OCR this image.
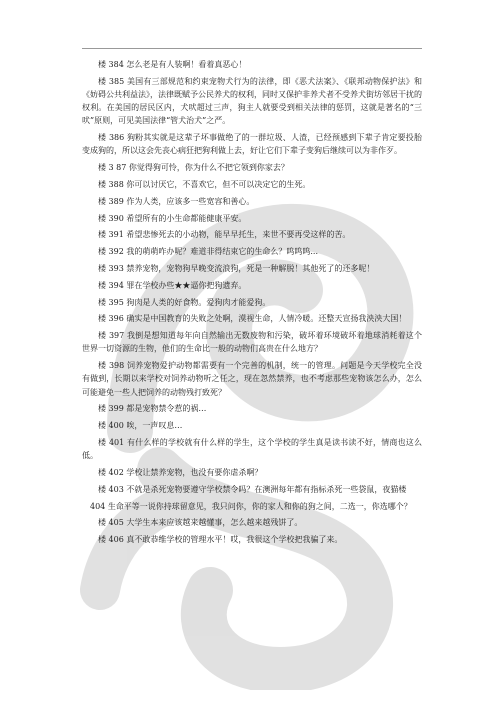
楼 384 怎么老是有人装啊！看着真恶心！

楼 385 美国有三部规范和约束宠物犬行为的法律，即《恶犬法案》、《联邦动物保护法》和《妨碍公共利益法》，法律既赋予公民养犬的权利，同时又保护非养犬者不受养犬街坊邻居干扰的权利。在美国的居民区内，犬吠超过三声，狗主人就要受到相关法律的惩罚，这就是著名的“三吠”原则，可见美国法律“管犬治犬”之严。

楼 386 狗粉其实就是这辈子坏事做绝了的一群垃圾、人渣，已经预感到下辈子肯定要投胎变成狗的，所以这会先丧心病狂把狗利做上去，好让它们下辈子变狗后继续可以为非作歹。

楼 3 87 你觉得狗可怜，你为什么不把它领到你家去？

楼 388 你可以讨厌它，不喜欢它，但不可以决定它的生死。

楼 389 作为人类，应该多一些宽容和善心。

楼 390 希望所有的小生命都能健康平安。

楼 391 希望悲惨死去的小动物，能早早托生，来世不要再受这样的苦。

楼 392 我的萌萌咋办呢？难道非得结束它的生命么？呜呜呜...

楼 393 禁养宠物，宠物狗早晚变流浪狗，死是一种解脱！其他死了的还多呢！

楼 394 罪在学校办些★★逼你把狗遗弃。

楼 395 狗肉是人类的好食物。爱狗肉才能爱狗。

楼 396 确实是中国教育的失败之处啊，漠视生命，人情冷暖。还整天宣扬我泱泱大国！

楼 397 我倒是想知道每年向自然输出无数废物和污染，破坏着环境破坏着地球消耗着这个世界一切资源的生物，他们的生命比一般的动物们高贵在什么地方？

楼 398 饲养宠物爱护动物都需要有一个完善的机制，统一的管理。问题是今天学校完全没有做到，长期以来学校对饲养动物听之任之，现在忽然禁养，也不考虑那些宠物该怎么办，怎么可能避免一些人把饲养的动物残打致死？

楼 399 都是宠物禁令惹的祸…

楼 400 唉，一声叹息…

楼 401 有什么样的学校就有什么样的学生，这个学校的学生真是读书读不好，情商也这么低。

楼 402 学校让禁养宠物，也没有要你虐杀啊？

楼 403 不就是杀死宠物要遵守学校禁令吗？在澳洲每年都有指标杀死一些袋鼠，夜猫楼

404 生命平等一说你持球留意见，我只问你，你的家人和你的狗之间，二选一，你选哪个？

楼 405 大学生本来应该越来越懂事，怎么越来越残饼了。

楼 406 真不敢恭维学校的管理水平！哎，我很这个学校把我骗了来。
